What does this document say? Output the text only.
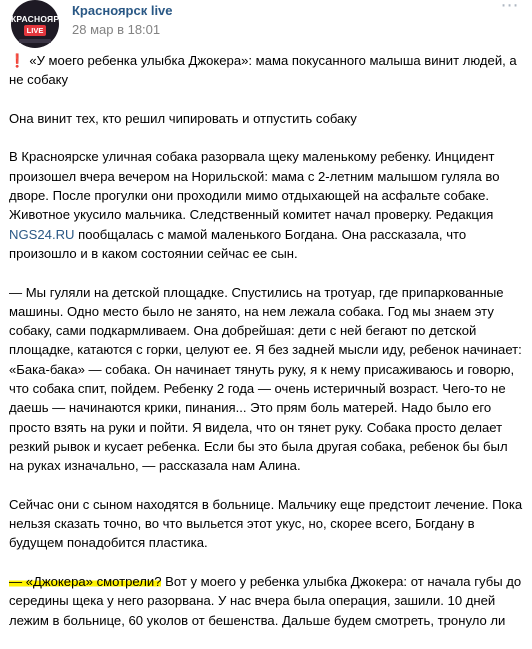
КРАСНОЯРСК
LIVE
Красноярск live
28 мар в 18:01
⋯

❗ «У моего ребенка улыбка Джокера»: мама покусанного малыша винит людей, а не собаку

Она винит тех, кто решил чипировать и отпустить собаку

В Красноярске уличная собака разорвала щеку маленькому ребенку. Инцидент произошел вчера вечером на Норильской: мама с 2-летним малышом гуляла во дворе. После прогулки они проходили мимо отдыхающей на асфальте собаке. Животное укусило мальчика. Следственный комитет начал проверку. Редакция NGS24.RU пообщалась с мамой маленького Богдана. Она рассказала, что произошло и в каком состоянии сейчас ее сын.

— Мы гуляли на детской площадке. Спустились на тротуар, где припаркованные машины. Одно место было не занято, на нем лежала собака. Год мы знаем эту собаку, сами подкармливаем. Она добрейшая: дети с ней бегают по детской площадке, катаются с горки, целуют ее. Я без задней мысли иду, ребенок начинает: «Бака-бака» — собака. Он начинает тянуть руку, я к нему присаживаюсь и говорю, что собака спит, пойдем. Ребенку 2 года — очень истеричный возраст. Чего-то не даешь — начинаются крики, пинания... Это прям боль матерей. Надо было его просто взять на руки и пойти. Я видела, что он тянет руку. Собака просто делает резкий рывок и кусает ребенка. Если бы это была другая собака, ребенок бы был на руках изначально, — рассказала нам Алина.

Сейчас они с сыном находятся в больнице. Мальчику еще предстоит лечение. Пока нельзя сказать точно, во что выльется этот укус, но, скорее всего, Богдану в будущем понадобится пластика.

— «Джокера» смотрели? Вот у моего у ребенка улыбка Джокера: от начала губы до середины щека у него разорвана. У нас вчера была операция, зашили. 10 дней лежим в больнице, 60 уколов от бешенства. Дальше будем смотреть, тронуло ли
